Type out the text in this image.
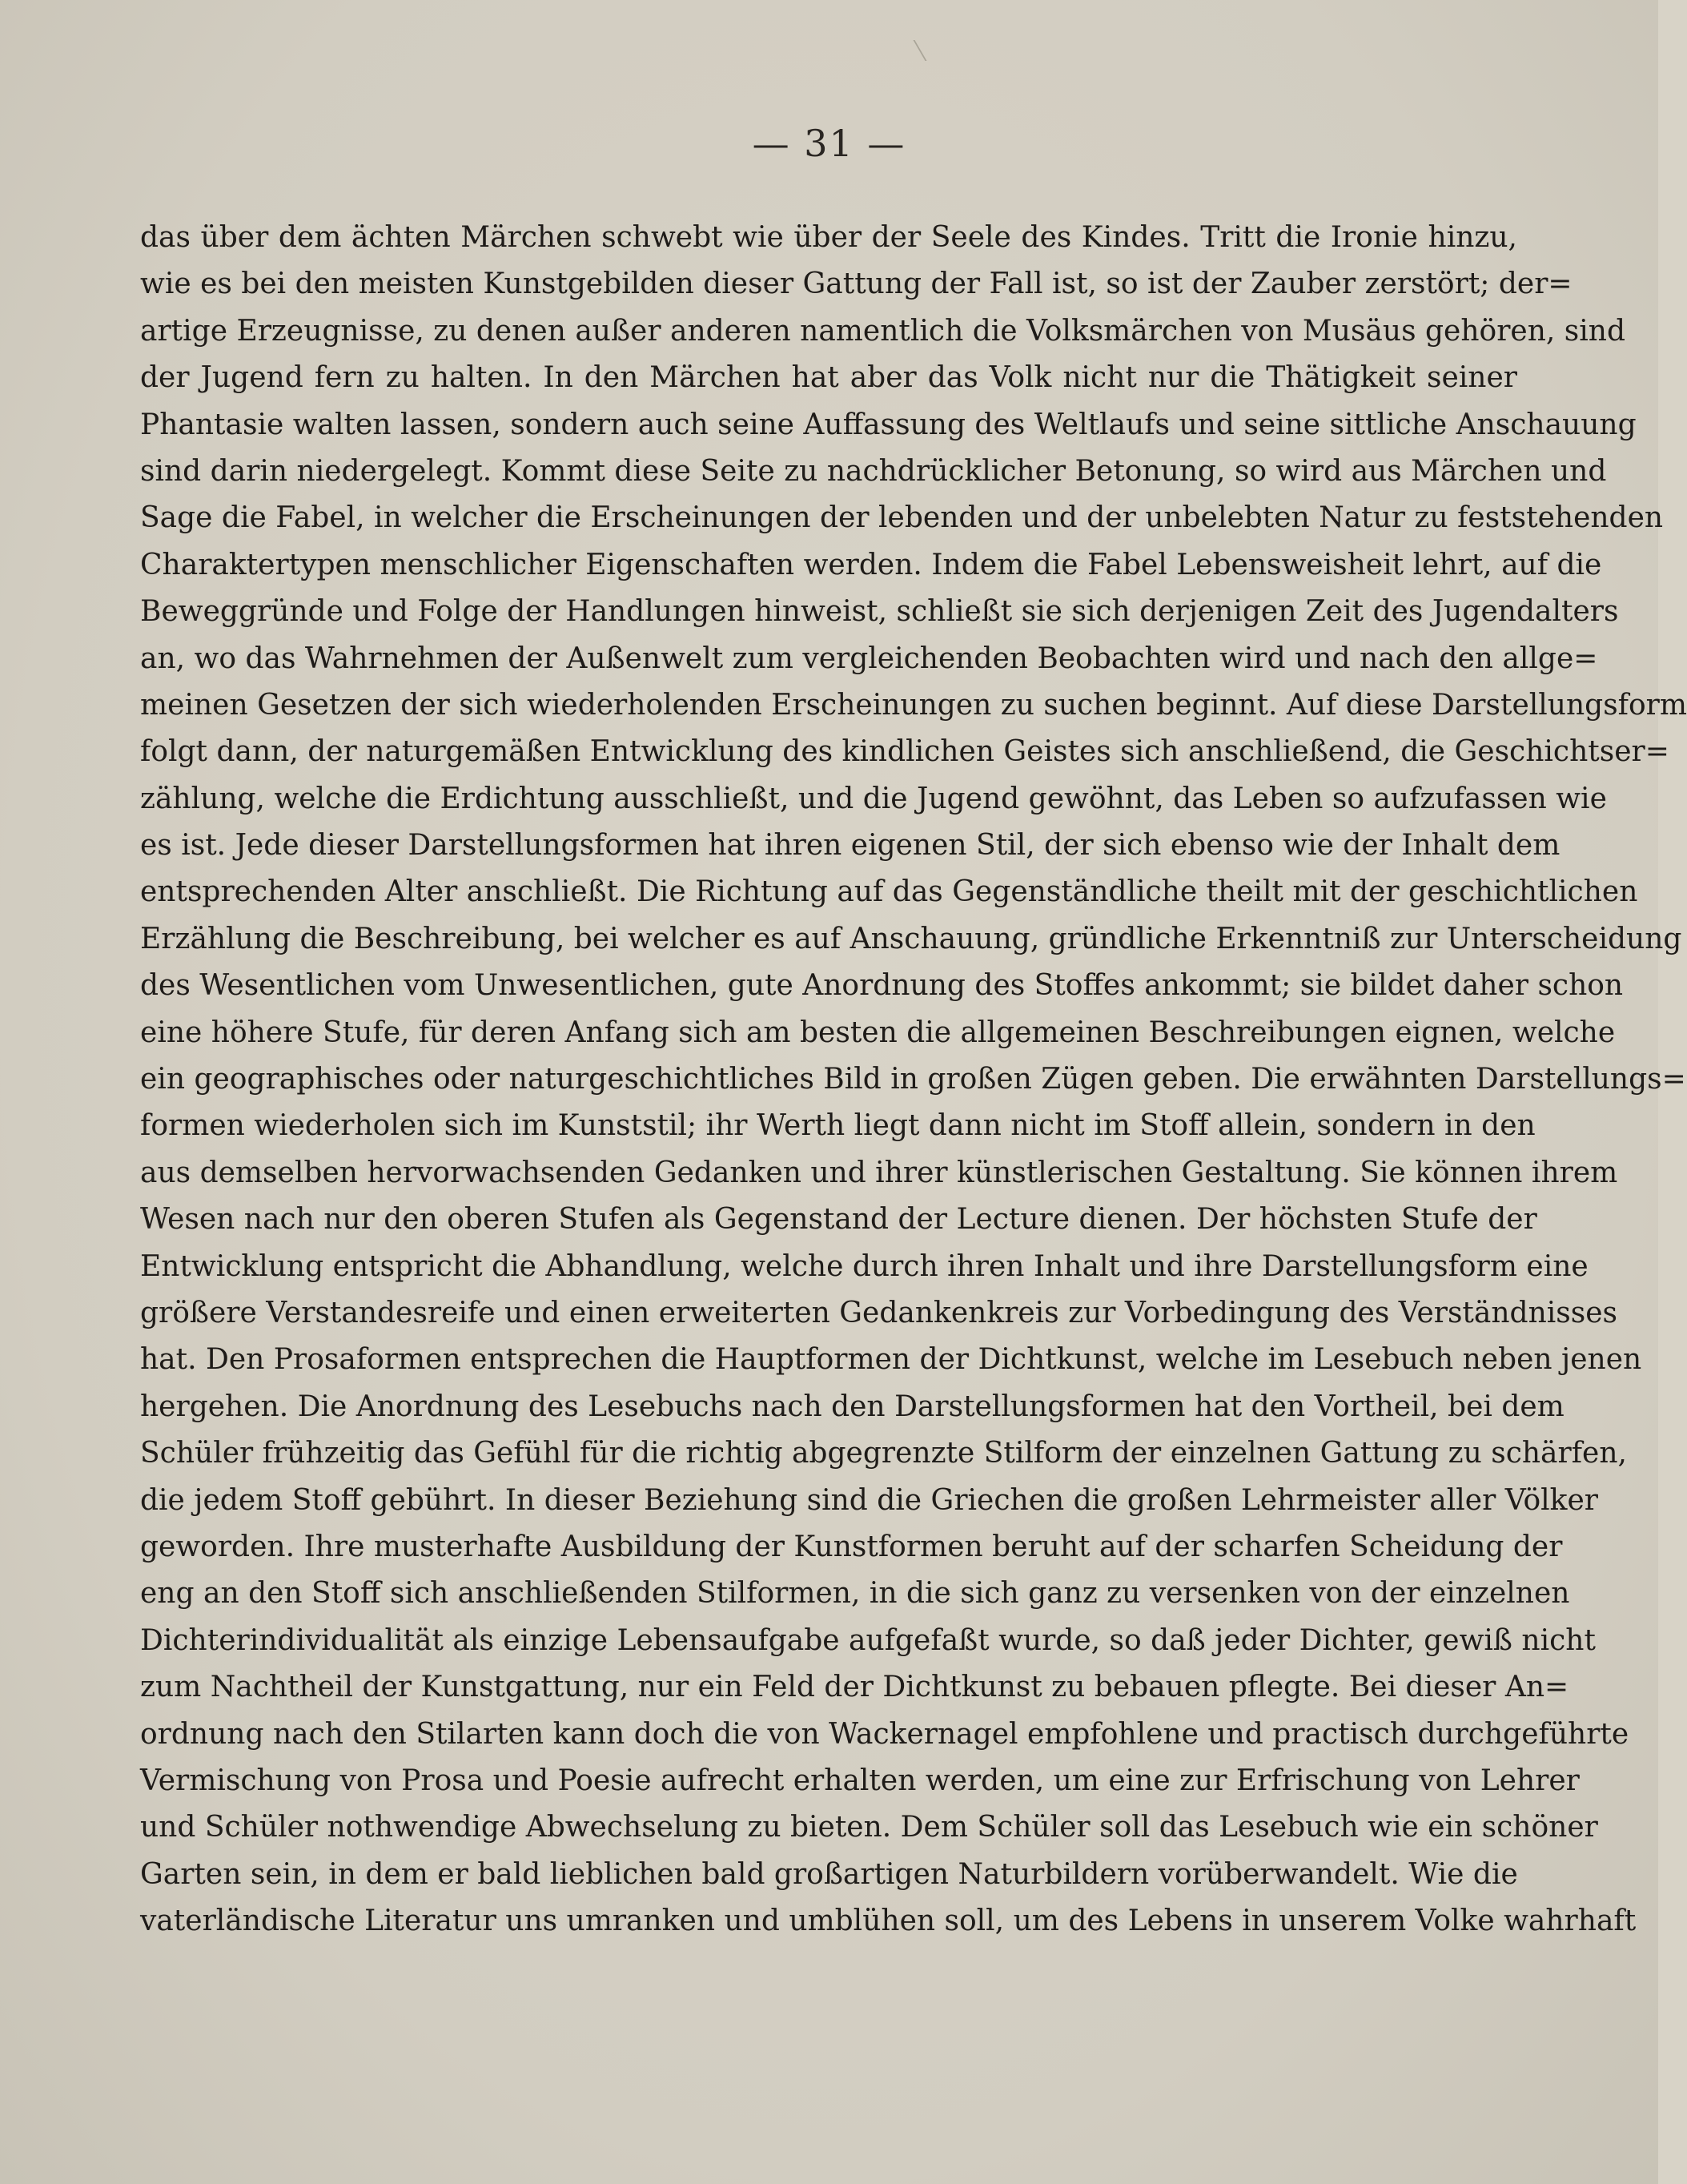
— 31 —
das über dem ächten Märchen schwebt wie über der Seele des Kindes. Tritt die Ironie hinzu,
wie es bei den meisten Kunstgebilden dieser Gattung der Fall ist, so ist der Zauber zerstört; der=
artige Erzeugnisse, zu denen außer anderen namentlich die Volksmärchen von Musäus gehören, sind
der Jugend fern zu halten. In den Märchen hat aber das Volk nicht nur die Thätigkeit seiner
Phantasie walten lassen, sondern auch seine Auffassung des Weltlaufs und seine sittliche Anschauung
sind darin niedergelegt. Kommt diese Seite zu nachdrücklicher Betonung, so wird aus Märchen und
Sage die Fabel, in welcher die Erscheinungen der lebenden und der unbelebten Natur zu feststehenden
Charaktertypen menschlicher Eigenschaften werden. Indem die Fabel Lebensweisheit lehrt, auf die
Beweggründe und Folge der Handlungen hinweist, schließt sie sich derjenigen Zeit des Jugendalters
an, wo das Wahrnehmen der Außenwelt zum vergleichenden Beobachten wird und nach den allge=
meinen Gesetzen der sich wiederholenden Erscheinungen zu suchen beginnt. Auf diese Darstellungsform
folgt dann, der naturgemäßen Entwicklung des kindlichen Geistes sich anschließend, die Geschichtser=
zählung, welche die Erdichtung ausschließt, und die Jugend gewöhnt, das Leben so aufzufassen wie
es ist. Jede dieser Darstellungsformen hat ihren eigenen Stil, der sich ebenso wie der Inhalt dem
entsprechenden Alter anschließt. Die Richtung auf das Gegenständliche theilt mit der geschichtlichen
Erzählung die Beschreibung, bei welcher es auf Anschauung, gründliche Erkenntniß zur Unterscheidung
des Wesentlichen vom Unwesentlichen, gute Anordnung des Stoffes ankommt; sie bildet daher schon
eine höhere Stufe, für deren Anfang sich am besten die allgemeinen Beschreibungen eignen, welche
ein geographisches oder naturgeschichtliches Bild in großen Zügen geben. Die erwähnten Darstellungs=
formen wiederholen sich im Kunststil; ihr Werth liegt dann nicht im Stoff allein, sondern in den
aus demselben hervorwachsenden Gedanken und ihrer künstlerischen Gestaltung. Sie können ihrem
Wesen nach nur den oberen Stufen als Gegenstand der Lecture dienen. Der höchsten Stufe der
Entwicklung entspricht die Abhandlung, welche durch ihren Inhalt und ihre Darstellungsform eine
größere Verstandesreife und einen erweiterten Gedankenkreis zur Vorbedingung des Verständnisses
hat. Den Prosaformen entsprechen die Hauptformen der Dichtkunst, welche im Lesebuch neben jenen
hergehen. Die Anordnung des Lesebuchs nach den Darstellungsformen hat den Vortheil, bei dem
Schüler frühzeitig das Gefühl für die richtig abgegrenzte Stilform der einzelnen Gattung zu schärfen,
die jedem Stoff gebührt. In dieser Beziehung sind die Griechen die großen Lehrmeister aller Völker
geworden. Ihre musterhafte Ausbildung der Kunstformen beruht auf der scharfen Scheidung der
eng an den Stoff sich anschließenden Stilformen, in die sich ganz zu versenken von der einzelnen
Dichterindividualität als einzige Lebensaufgabe aufgefaßt wurde, so daß jeder Dichter, gewiß nicht
zum Nachtheil der Kunstgattung, nur ein Feld der Dichtkunst zu bebauen pflegte. Bei dieser An=
ordnung nach den Stilarten kann doch die von Wackernagel empfohlene und practisch durchgeführte
Vermischung von Prosa und Poesie aufrecht erhalten werden, um eine zur Erfrischung von Lehrer
und Schüler nothwendige Abwechselung zu bieten. Dem Schüler soll das Lesebuch wie ein schöner
Garten sein, in dem er bald lieblichen bald großartigen Naturbildern vorüberwandelt. Wie die
vaterländische Literatur uns umranken und umblühen soll, um des Lebens in unserem Volke wahrhaft
